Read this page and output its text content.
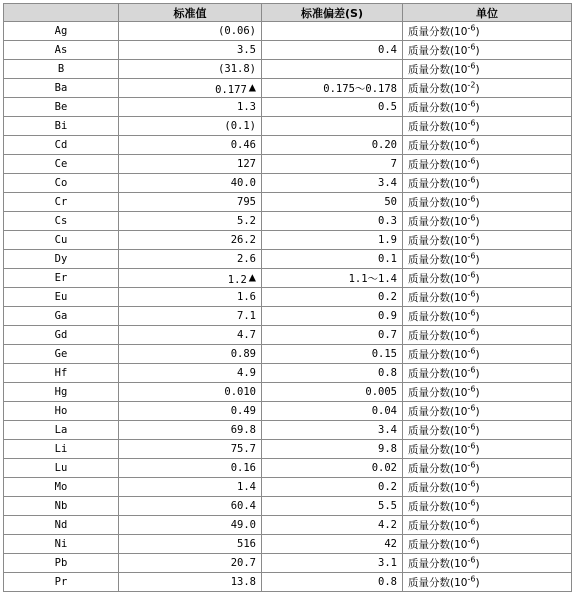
	标准值	标准偏差(S)	单位
Ag	(0.06)		质量分数$(10^{-6})$
As	3.5	0.4	质量分数$(10^{-6})$
B	(31.8)		质量分数$(10^{-6})$
Ba	0.177 ▲	0.175～0.178	质量分数$(10^{-2})$
Be	1.3	0.5	质量分数$(10^{-6})$
Bi	(0.1)		质量分数$(10^{-6})$
Cd	0.46	0.20	质量分数$(10^{-6})$
Ce	127	7	质量分数$(10^{-6})$
Co	40.0	3.4	质量分数$(10^{-6})$
Cr	795	50	质量分数$(10^{-6})$
Cs	5.2	0.3	质量分数$(10^{-6})$
Cu	26.2	1.9	质量分数$(10^{-6})$
Dy	2.6	0.1	质量分数$(10^{-6})$
Er	1.2 ▲	1.1～1.4	质量分数$(10^{-6})$
Eu	1.6	0.2	质量分数$(10^{-6})$
Ga	7.1	0.9	质量分数$(10^{-6})$
Gd	4.7	0.7	质量分数$(10^{-6})$
Ge	0.89	0.15	质量分数$(10^{-6})$
Hf	4.9	0.8	质量分数$(10^{-6})$
Hg	0.010	0.005	质量分数$(10^{-6})$
Ho	0.49	0.04	质量分数$(10^{-6})$
La	69.8	3.4	质量分数$(10^{-6})$
Li	75.7	9.8	质量分数$(10^{-6})$
Lu	0.16	0.02	质量分数$(10^{-6})$
Mo	1.4	0.2	质量分数$(10^{-6})$
Nb	60.4	5.5	质量分数$(10^{-6})$
Nd	49.0	4.2	质量分数$(10^{-6})$
Ni	516	42	质量分数$(10^{-6})$
Pb	20.7	3.1	质量分数$(10^{-6})$
Pr	13.8	0.8	质量分数$(10^{-6})$
